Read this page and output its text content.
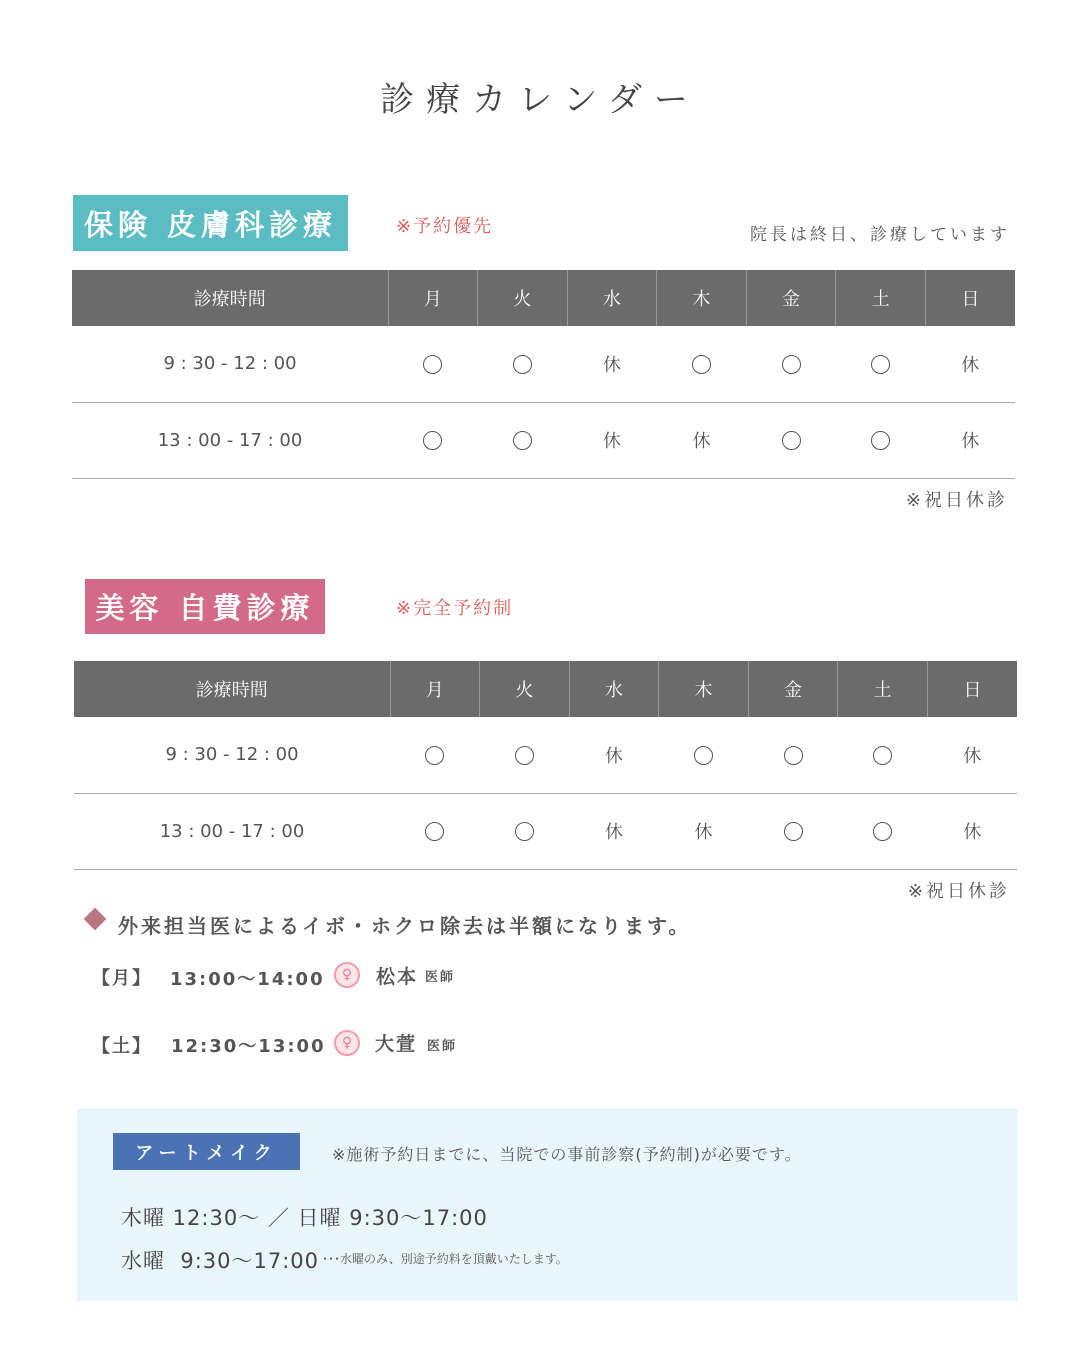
診療カレンダー
保険 皮膚科診療	※予約優先	院長は終日、診療しています
診療時間	月	火	水	木	金	土	日
9 : 30 - 12 : 00			休				休
13 : 00 - 17 : 00			休	休			休
※祝日休診
美容 自費診療	※完全予約制
診療時間	月	火	水	木	金	土	日
9 : 30 - 12 : 00			休				休
13 : 00 - 17 : 00			休	休			休
※祝日休診
外来担当医によるイボ・ホクロ除去は半額になります。
【月】 13:00〜14:00	♀	松本 医師
【土】 12:30〜13:00	♀	大萱 医師
アートメイク	※施術予約日までに、当院での事前診察(予約制)が必要です。
木曜 12:30〜 ／ 日曜 9:30〜17:00
水曜  9:30〜17:00 ･･･水曜のみ、別途予約料を頂戴いたします。
